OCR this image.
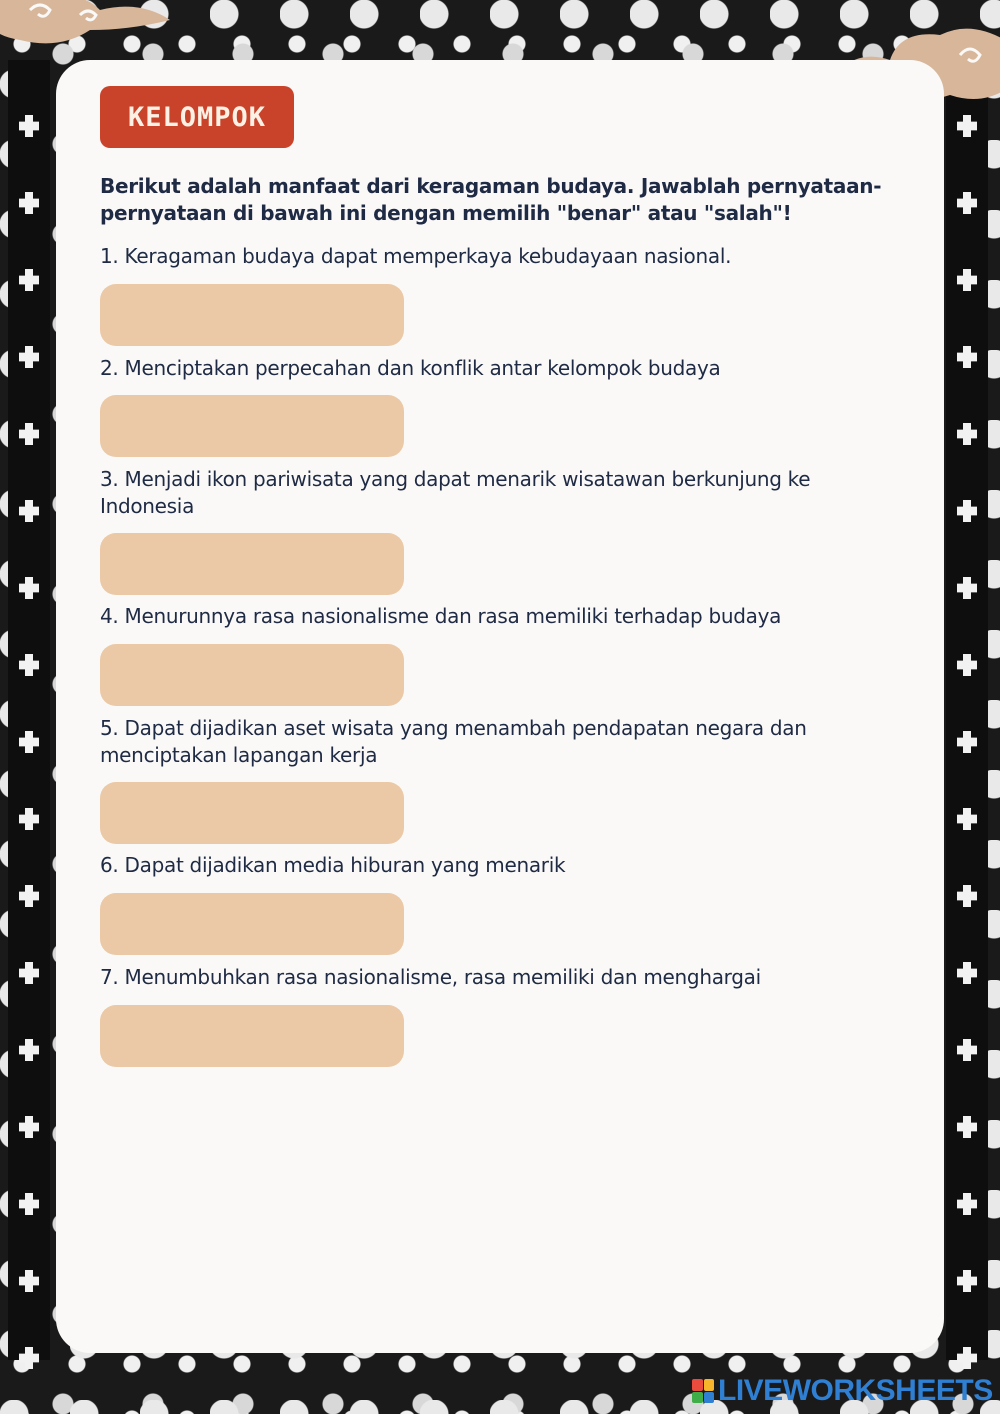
KELOMPOK
Berikut adalah manfaat dari keragaman budaya. Jawablah pernyataan-pernyataan di bawah ini dengan memilih "benar" atau "salah"!
1. Keragaman budaya dapat memperkaya kebudayaan nasional.
2. Menciptakan perpecahan dan konflik antar kelompok budaya
3. Menjadi ikon pariwisata yang dapat menarik wisatawan berkunjung ke Indonesia
4. Menurunnya rasa nasionalisme dan rasa memiliki terhadap budaya
5. Dapat dijadikan aset wisata yang menambah pendapatan negara dan menciptakan lapangan kerja
6. Dapat dijadikan media hiburan yang menarik
7. Menumbuhkan rasa nasionalisme, rasa memiliki dan menghargai
LIVE WORKSHEETS
